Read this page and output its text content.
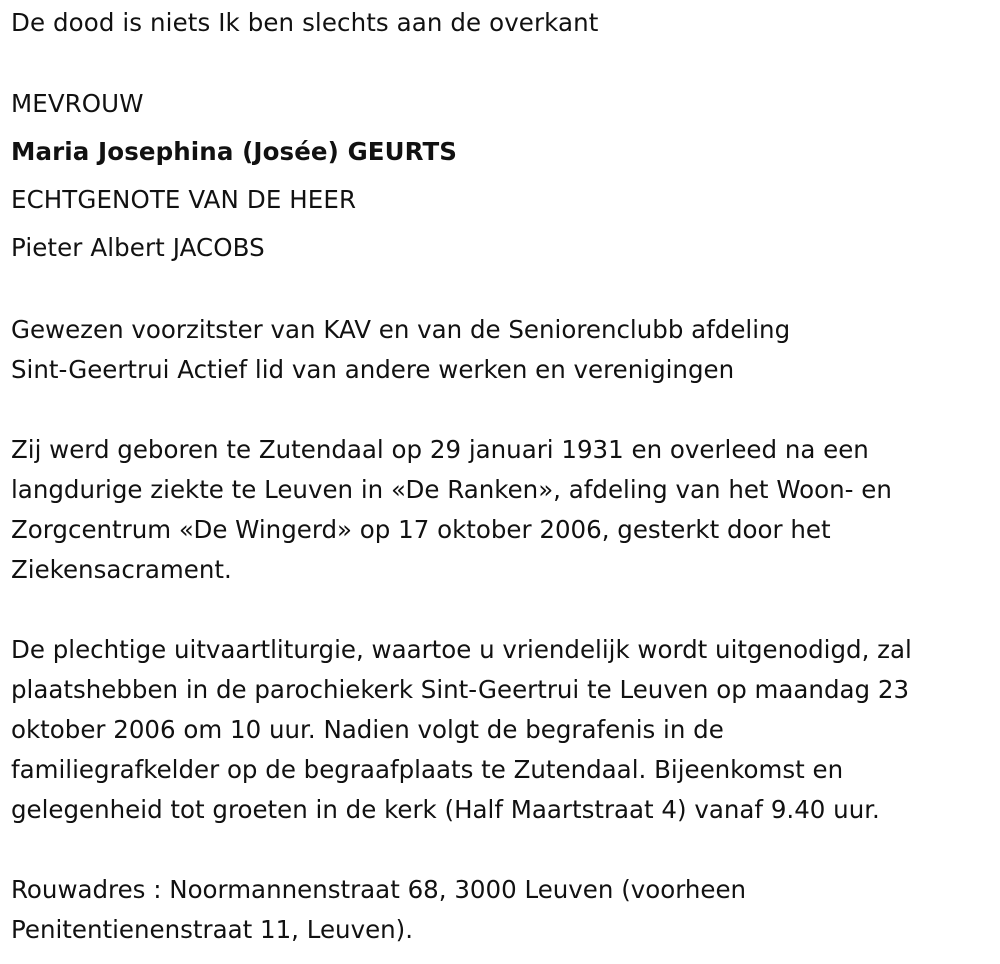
De dood is niets Ik ben slechts aan de overkant

MEVROUW

Maria Josephina (Josée) GEURTS

ECHTGENOTE VAN DE HEER

Pieter Albert JACOBS

Gewezen voorzitster van KAV en van de Seniorenclubb afdeling
Sint-Geertrui Actief lid van andere werken en verenigingen
Zij werd geboren te Zutendaal op 29 januari 1931 en overleed na een
langdurige ziekte te Leuven in «De Ranken», afdeling van het Woon- en
Zorgcentrum «De Wingerd» op 17 oktober 2006, gesterkt door het
Ziekensacrament.
De plechtige uitvaartliturgie, waartoe u vriendelijk wordt uitgenodigd, zal
plaatshebben in de parochiekerk Sint-Geertrui te Leuven op maandag 23
oktober 2006 om 10 uur. Nadien volgt de begrafenis in de
familiegrafkelder op de begraafplaats te Zutendaal. Bijeenkomst en
gelegenheid tot groeten in de kerk (Half Maartstraat 4) vanaf 9.40 uur.
Rouwadres : Noormannenstraat 68, 3000 Leuven (voorheen
Penitentienenstraat 11, Leuven).
